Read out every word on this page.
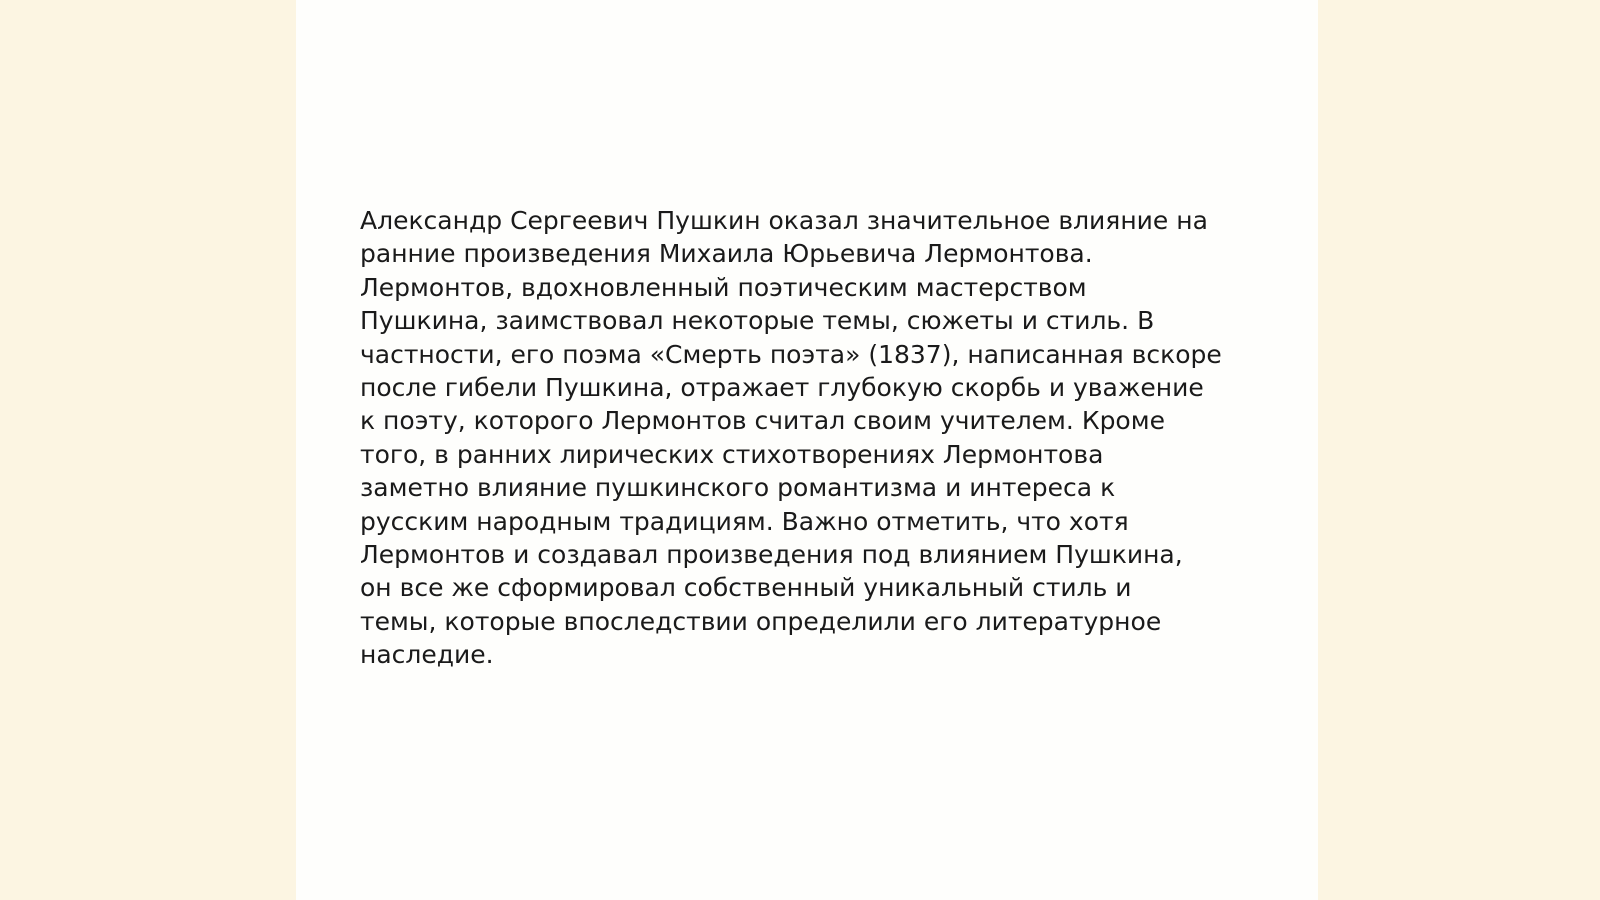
Александр Сергеевич Пушкин оказал значительное влияние на
ранние произведения Михаила Юрьевича Лермонтова.
Лермонтов, вдохновленный поэтическим мастерством
Пушкина, заимствовал некоторые темы, сюжеты и стиль. В
частности, его поэма «Смерть поэта» (1837), написанная вскоре
после гибели Пушкина, отражает глубокую скорбь и уважение
к поэту, которого Лермонтов считал своим учителем. Кроме
того, в ранних лирических стихотворениях Лермонтова
заметно влияние пушкинского романтизма и интереса к
русским народным традициям. Важно отметить, что хотя
Лермонтов и создавал произведения под влиянием Пушкина,
он все же сформировал собственный уникальный стиль и
темы, которые впоследствии определили его литературное
наследие.
